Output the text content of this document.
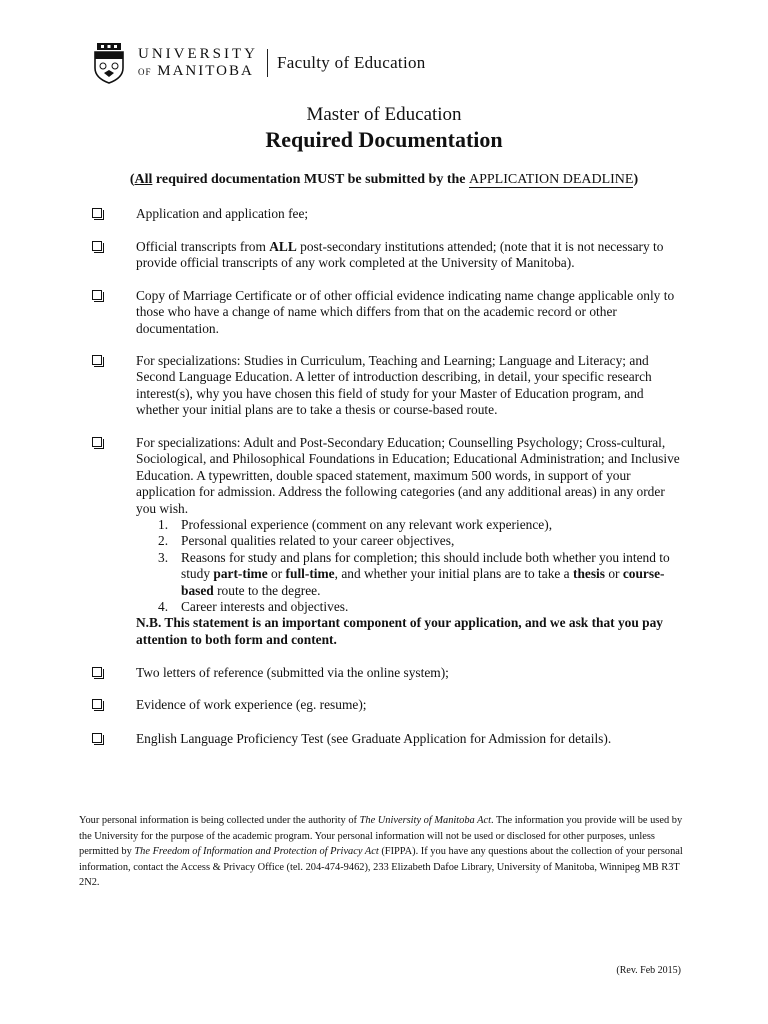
UNIVERSITY
OF MANITOBA Faculty of Education
Master of Education
Required Documentation
(All required documentation MUST be submitted by the APPLICATION DEADLINE)

Application and application fee;

Official transcripts from ALL post-secondary institutions attended; (note that it is not necessary to provide official transcripts of any work completed at the University of Manitoba).

Copy of Marriage Certificate or of other official evidence indicating name change applicable only to those who have a change of name which differs from that on the academic record or other documentation.

For specializations: Studies in Curriculum, Teaching and Learning; Language and Literacy; and Second Language Education. A letter of introduction describing, in detail, your specific research interest(s), why you have chosen this field of study for your Master of Education program, and whether your initial plans are to take a thesis or course-based route.

For specializations: Adult and Post-Secondary Education; Counselling Psychology; Cross-cultural, Sociological, and Philosophical Foundations in Education; Educational Administration; and Inclusive Education. A typewritten, double spaced statement, maximum 500 words, in support of your application for admission. Address the following categories (and any additional areas) in any order you wish.

1. Professional experience (comment on any relevant work experience),
2. Personal qualities related to your career objectives,
3. Reasons for study and plans for completion; this should include both whether you intend to study part-time or full-time, and whether your initial plans are to take a thesis or course-based route to the degree.
4. Career interests and objectives.

N.B. This statement is an important component of your application, and we ask that you pay attention to both form and content.

Two letters of reference (submitted via the online system);

Evidence of work experience (eg. resume);

English Language Proficiency Test (see Graduate Application for Admission for details).

Your personal information is being collected under the authority of The University of Manitoba Act. The information you provide will be used by the University for the purpose of the academic program. Your personal information will not be used or disclosed for other purposes, unless permitted by The Freedom of Information and Protection of Privacy Act (FIPPA). If you have any questions about the collection of your personal information, contact the Access & Privacy Office (tel. 204-474-9462), 233 Elizabeth Dafoe Library, University of Manitoba, Winnipeg MB R3T 2N2.
(Rev. Feb 2015)
